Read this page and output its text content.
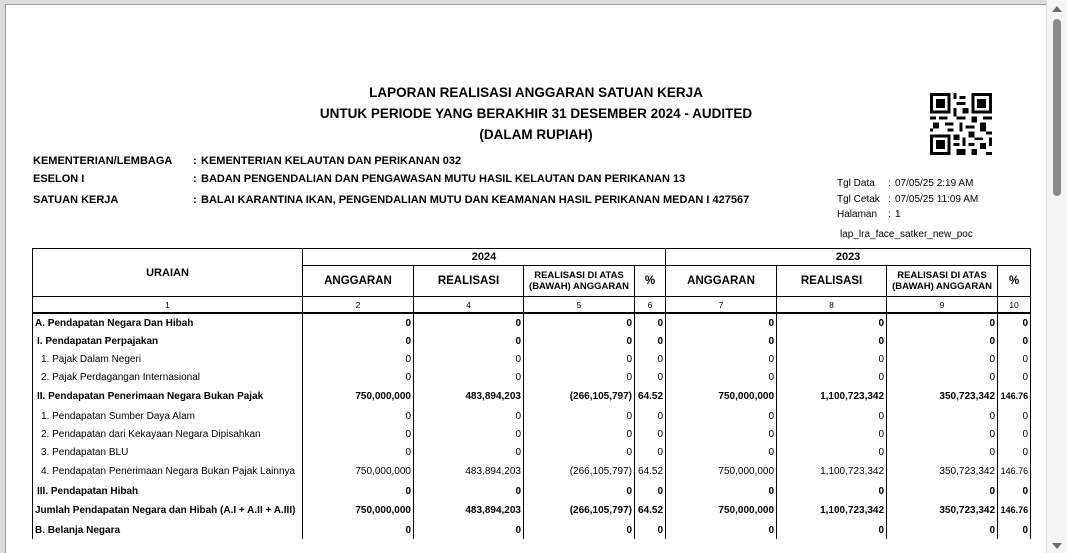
LAPORAN REALISASI ANGGARAN SATUAN KERJA
UNTUK PERIODE YANG BERAKHIR 31 DESEMBER 2024 - AUDITED
(DALAM RUPIAH)
KEMENTERIAN/LEMBAGA : KEMENTERIAN KELAUTAN DAN PERIKANAN 032
ESELON I	: BADAN PENGENDALIAN DAN PENGAWASAN MUTU HASIL KELAUTAN DAN PERIKANAN 13
SATUAN KERJA	: BALAI KARANTINA IKAN, PENGENDALIAN MUTU DAN KEAMANAN HASIL PERIKANAN MEDAN I 427567
Tgl Data : 07/05/25 2:19 AM
Tgl Cetak : 07/05/25 11:09 AM
Halaman : 1
lap_lra_face_satker_new_poc
URAIAN	2024				2023			
	ANGGARAN	REALISASI	REALISASI DI ATAS (BAWAH) ANGGARAN	%	ANGGARAN	REALISASI	REALISASI DI ATAS (BAWAH) ANGGARAN	%
1	2	4	5	6	7	8	9	10
A. Pendapatan Negara Dan Hibah	0	0	0	0	0	0	0	0
I. Pendapatan Perpajakan	0	0	0	0	0	0	0	0
1. Pajak Dalam Negeri	0	0	0	0	0	0	0	0
2. Pajak Perdagangan Internasional	0	0	0	0	0	0	0	0
II. Pendapatan Penerimaan Negara Bukan Pajak	750,000,000	483,894,203	(266,105,797)	64.52	750,000,000	1,100,723,342	350,723,342	146.76
1. Pendapatan Sumber Daya Alam	0	0	0	0	0	0	0	0
2. Pendapatan dari Kekayaan Negara Dipisahkan	0	0	0	0	0	0	0	0
3. Pendapatan BLU	0	0	0	0	0	0	0	0
4. Pendapatan Penerimaan Negara Bukan Pajak Lainnya	750,000,000	483,894,203	(266,105,797)	64.52	750,000,000	1,100,723,342	350,723,342	146.76
III. Pendapatan Hibah	0	0	0	0	0	0	0	0
Jumlah Pendapatan Negara dan Hibah (A.I + A.II + A.III)	750,000,000	483,894,203	(266,105,797)	64.52	750,000,000	1,100,723,342	350,723,342	146.76
B. Belanja Negara	0	0	0	0	0	0	0	0
